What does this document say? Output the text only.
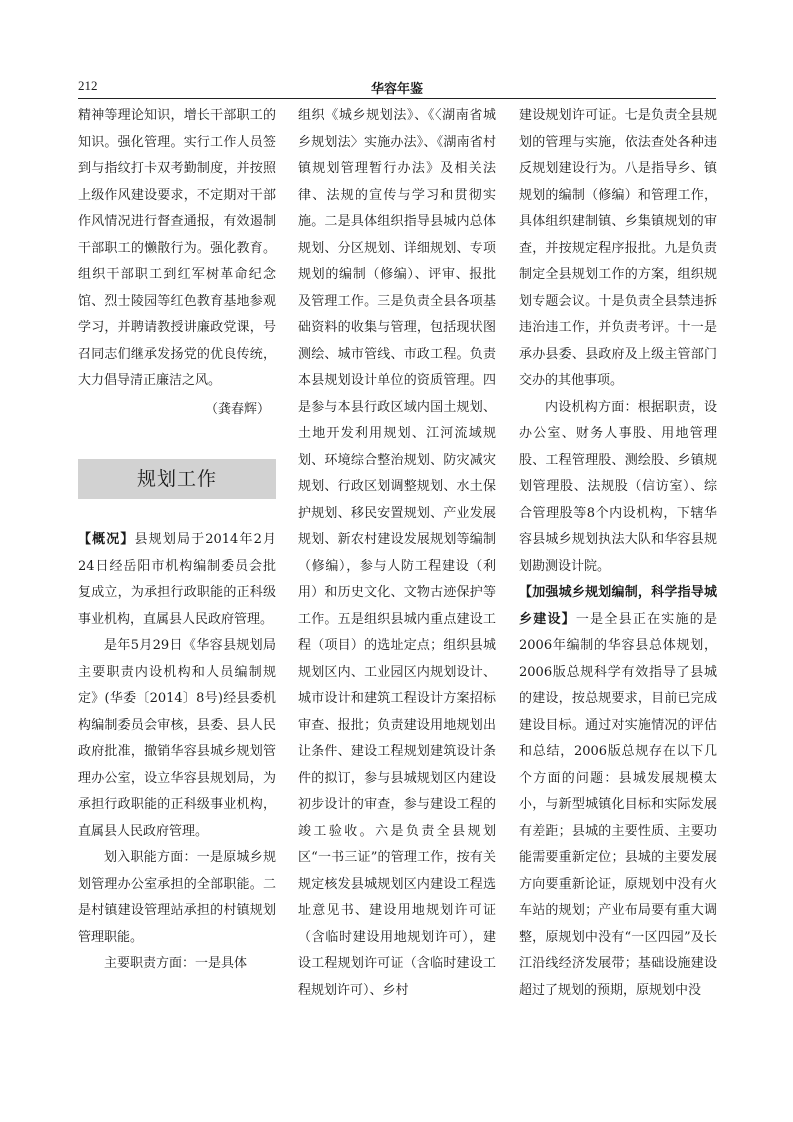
212	华容年鉴

精神等理论知识，增长干部职工的知识。强化管理。实行工作人员签到与指纹打卡双考勤制度，并按照上级作风建设要求，不定期对干部作风情况进行督查通报，有效遏制干部职工的懒散行为。强化教育。组织干部职工到红军树革命纪念馆、烈士陵园等红色教育基地参观学习，并聘请教授讲廉政党课，号召同志们继承发扬党的优良传统，大力倡导清正廉洁之风。

（龚春辉）

规划工作

【概况】县规划局于2014年2月24日经岳阳市机构编制委员会批复成立，为承担行政职能的正科级事业机构，直属县人民政府管理。

是年5月29日《华容县规划局主要职责内设机构和人员编制规定》(华委〔2014〕8号)经县委机构编制委员会审核，县委、县人民政府批准，撤销华容县城乡规划管理办公室，设立华容县规划局，为承担行政职能的正科级事业机构，直属县人民政府管理。

划入职能方面：一是原城乡规划管理办公室承担的全部职能。二是村镇建设管理站承担的村镇规划管理职能。

主要职责方面：一是具体

组织《城乡规划法》、《〈湖南省城乡规划法〉实施办法》、《湖南省村镇规划管理暂行办法》及相关法律、法规的宣传与学习和贯彻实施。二是具体组织指导县城内总体规划、分区规划、详细规划、专项规划的编制（修编）、评审、报批及管理工作。三是负责全县各项基础资料的收集与管理，包括现状图测绘、城市管线、市政工程。负责本县规划设计单位的资质管理。四是参与本县行政区域内国土规划、土地开发利用规划、江河流域规划、环境综合整治规划、防灾减灾规划、行政区划调整规划、水土保护规划、移民安置规划、产业发展规划、新农村建设发展规划等编制（修编），参与人防工程建设（利用）和历史文化、文物古迹保护等工作。五是组织县城内重点建设工程（项目）的选址定点；组织县城规划区内、工业园区内规划设计、城市设计和建筑工程设计方案招标审查、报批；负责建设用地规划出让条件、建设工程规划建筑设计条件的拟订，参与县城规划区内建设初步设计的审查，参与建设工程的竣工验收。六是负责全县规划区“一书三证”的管理工作，按有关规定核发县城规划区内建设工程选址意见书、建设用地规划许可证（含临时建设用地规划许可），建设工程规划许可证（含临时建设工程规划许可）、乡村

建设规划许可证。七是负责全县规划的管理与实施，依法查处各种违反规划建设行为。八是指导乡、镇规划的编制（修编）和管理工作，具体组织建制镇、乡集镇规划的审查，并按规定程序报批。九是负责制定全县规划工作的方案，组织规划专题会议。十是负责全县禁违拆违治违工作，并负责考评。十一是承办县委、县政府及上级主管部门交办的其他事项。

内设机构方面：根据职责，设办公室、财务人事股、用地管理股、工程管理股、测绘股、乡镇规划管理股、法规股（信访室）、综合管理股等8个内设机构，下辖华容县城乡规划执法大队和华容县规划勘测设计院。

【加强城乡规划编制，科学指导城乡建设】一是全县正在实施的是2006年编制的华容县总体规划，2006版总规科学有效指导了县城的建设，按总规要求，目前已完成建设目标。通过对实施情况的评估和总结，2006版总规存在以下几个方面的问题：县城发展规模太小，与新型城镇化目标和实际发展有差距；县城的主要性质、主要功能需要重新定位；县城的主要发展方向要重新论证，原规划中没有火车站的规划；产业布局要有重大调整，原规划中没有“一区四园”及长江沿线经济发展带；基础设施建设超过了规划的预期，原规划中没
